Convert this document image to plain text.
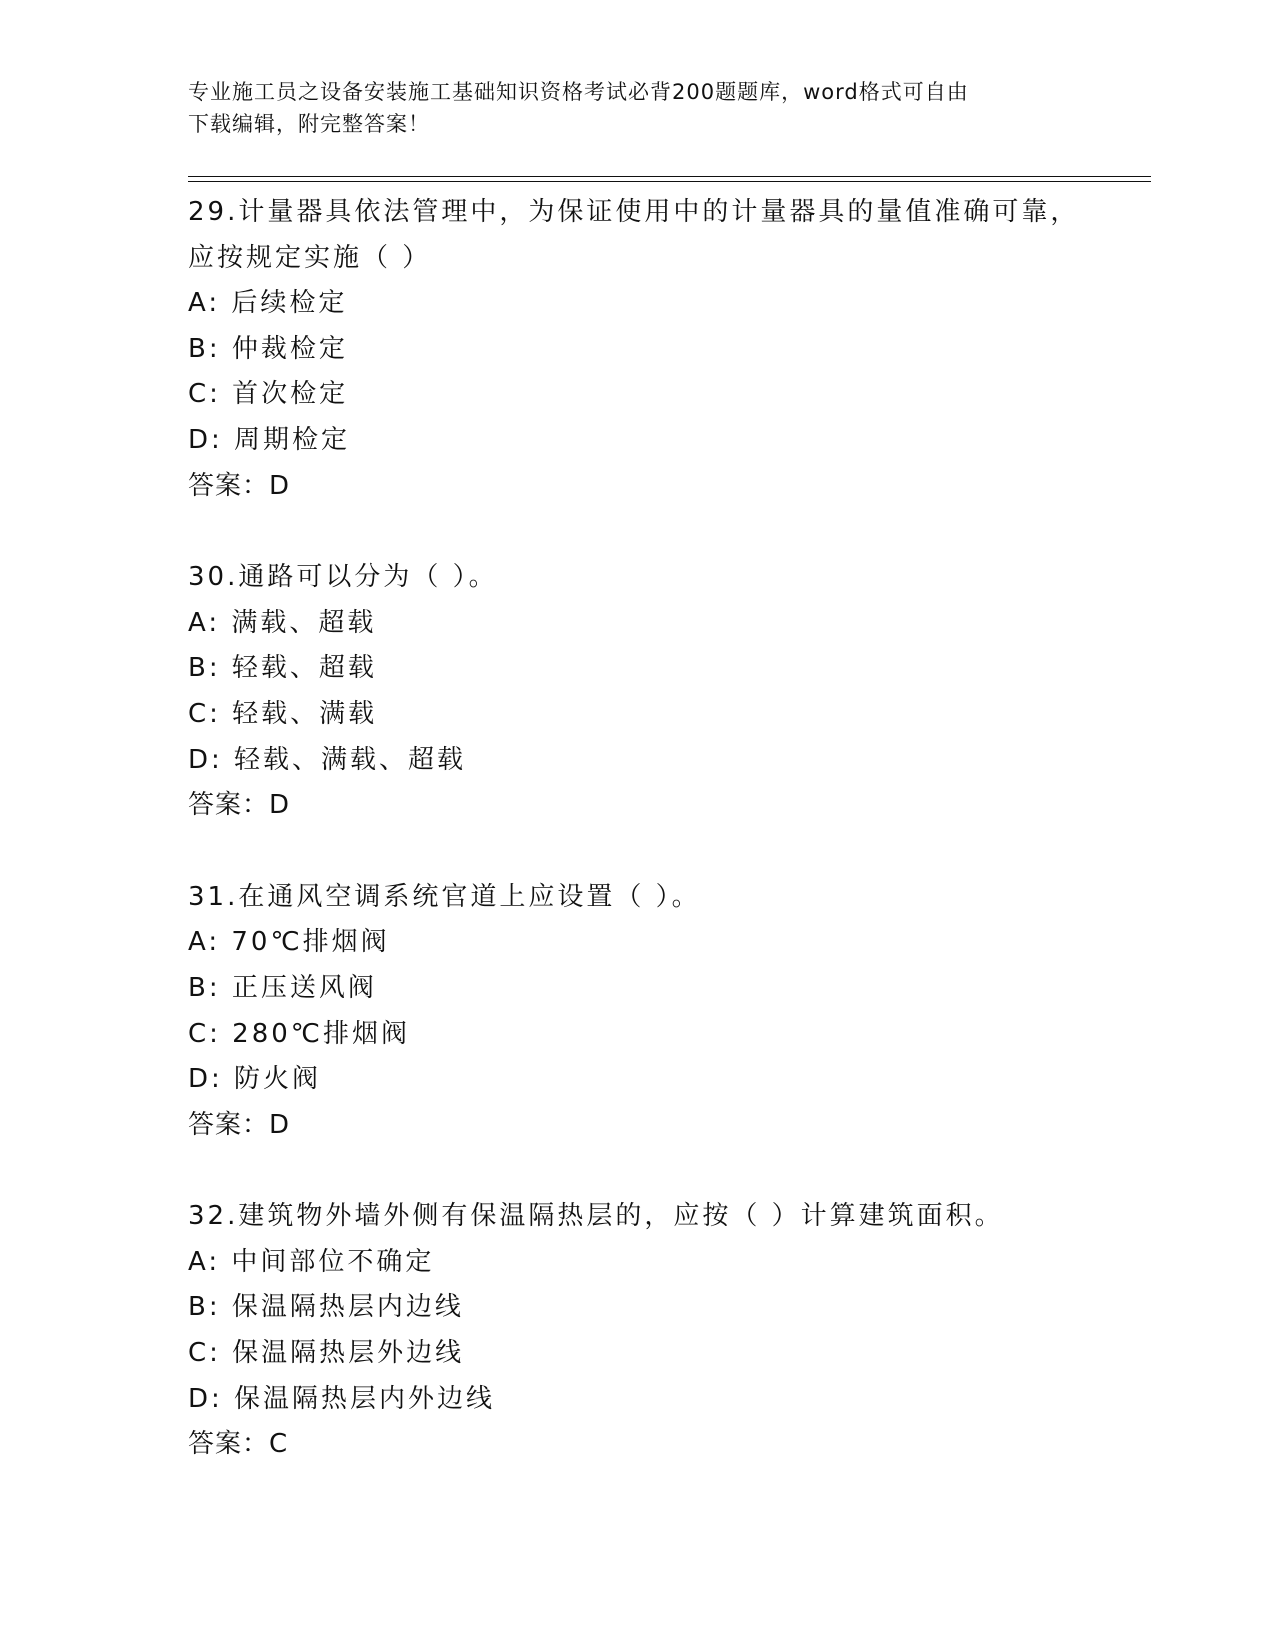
专业施工员之设备安装施工基础知识资格考试必背200题题库，word格式可自由
下载编辑，附完整答案！
29.计量器具依法管理中，为保证使用中的计量器具的量值准确可靠，
应按规定实施（ ）
A: 后续检定
B: 仲裁检定
C: 首次检定
D: 周期检定
答案：D
30.通路可以分为（ ）。
A: 满载、超载
B: 轻载、超载
C: 轻载、满载
D: 轻载、满载、超载
答案：D
31.在通风空调系统官道上应设置（ ）。
A: 70℃排烟阀
B: 正压送风阀
C: 280℃排烟阀
D: 防火阀
答案：D
32.建筑物外墙外侧有保温隔热层的，应按（ ）计算建筑面积。
A: 中间部位不确定
B: 保温隔热层内边线
C: 保温隔热层外边线
D: 保温隔热层内外边线
答案：C
